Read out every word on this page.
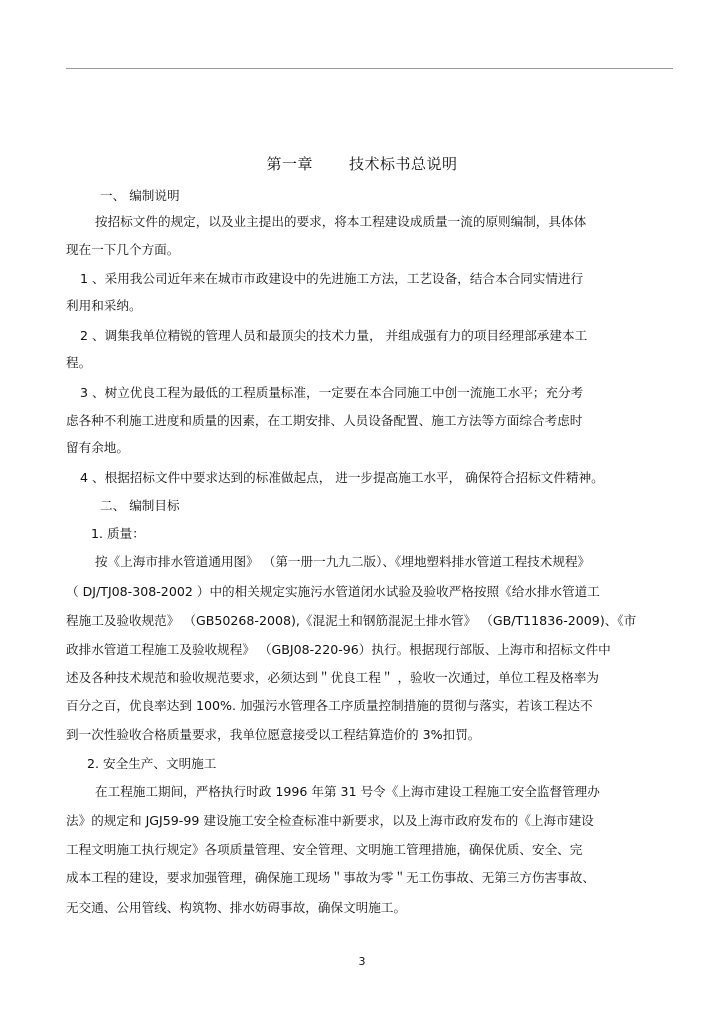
第一章 技术标书总说明
一、 编制说明
按招标文件的规定，以及业主提出的要求，将本工程建设成质量一流的原则编制，具体体
现在一下几个方面。
1 、采用我公司近年来在城市市政建设中的先进施工方法，工艺设备，结合本合同实情进行
利用和采纳。
2 、调集我单位精锐的管理人员和最顶尖的技术力量， 并组成强有力的项目经理部承建本工
程。
3 、树立优良工程为最低的工程质量标准，一定要在本合同施工中创一流施工水平；充分考
虑各种不利施工进度和质量的因素，在工期安排、人员设备配置、施工方法等方面综合考虑时
留有余地。
4 、根据招标文件中要求达到的标准做起点， 进一步提高施工水平， 确保符合招标文件精神。
二、 编制目标
1. 质量：
按《上海市排水管道通用图》 （第一册一九九二版）、《埋地塑料排水管道工程技术规程》
（ DJ/TJ08-308-2002 ）中的相关规定实施污水管道闭水试验及验收严格按照《给水排水管道工
程施工及验收规范》 （GB50268-2008),《混泥土和钢筋混泥土排水管》 （GB/T11836-2009)、《市
政排水管道工程施工及验收规程》 （GBJ08-220-96）执行。根据现行部版、上海市和招标文件中
述及各种技术规范和验收规范要求，必须达到＂优良工程＂ ，验收一次通过，单位工程及格率为
百分之百，优良率达到 100%. 加强污水管理各工序质量控制措施的贯彻与落实，若该工程达不
到一次性验收合格质量要求，我单位愿意接受以工程结算造价的 3%扣罚。
2. 安全生产、文明施工
在工程施工期间，严格执行时政 1996 年第 31 号令《上海市建设工程施工安全监督管理办
法》的规定和 JGJ59-99 建设施工安全检查标准中新要求，以及上海市政府发布的《上海市建设
工程文明施工执行规定》各项质量管理、安全管理、文明施工管理措施，确保优质、安全、完
成本工程的建设，要求加强管理，确保施工现场＂事故为零＂无工伤事故、无第三方伤害事故、
无交通、公用管线、构筑物、排水妨碍事故，确保文明施工。
3
